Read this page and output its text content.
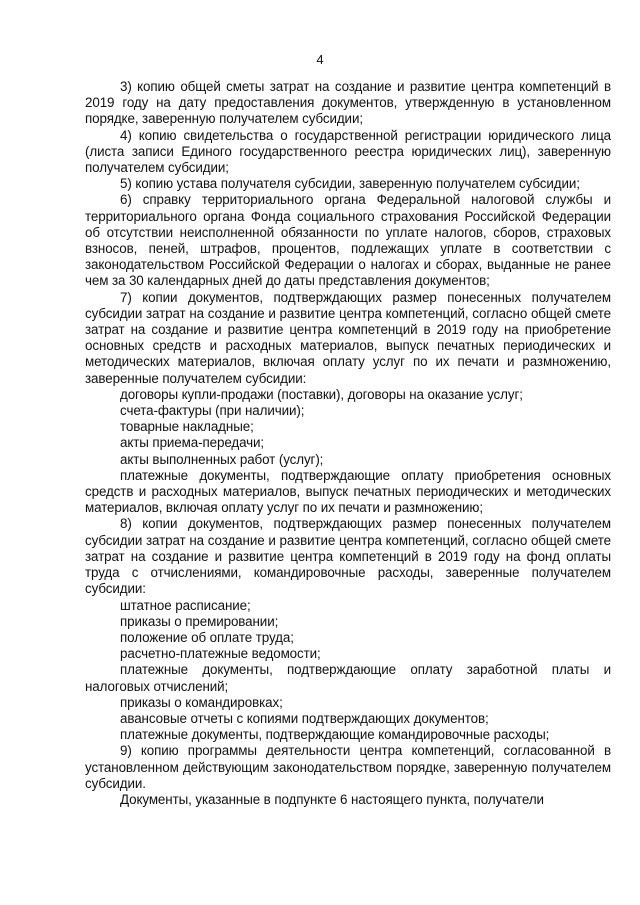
4

3) копию общей сметы затрат на создание и развитие центра компетенций в 2019 году на дату предоставления документов, утвержденную в установленном порядке, заверенную получателем субсидии;

4) копию свидетельства о государственной регистрации юридического лица (листа записи Единого государственного реестра юридических лиц), заверенную получателем субсидии;

5) копию устава получателя субсидии, заверенную получателем субсидии;

6) справку территориального органа Федеральной налоговой службы и территориального органа Фонда социального страхования Российской Федерации об отсутствии неисполненной обязанности по уплате налогов, сборов, страховых взносов, пеней, штрафов, процентов, подлежащих уплате в соответствии с законодательством Российской Федерации о налогах и сборах, выданные не ранее чем за 30 календарных дней до даты представления документов;

7) копии документов, подтверждающих размер понесенных получателем субсидии затрат на создание и развитие центра компетенций, согласно общей смете затрат на создание и развитие центра компетенций в 2019 году на приобретение основных средств и расходных материалов, выпуск печатных периодических и методических материалов, включая оплату услуг по их печати и размножению, заверенные получателем субсидии:

договоры купли-продажи (поставки), договоры на оказание услуг;

счета-фактуры (при наличии);

товарные накладные;

акты приема-передачи;

акты выполненных работ (услуг);

платежные документы, подтверждающие оплату приобретения основных средств и расходных материалов, выпуск печатных периодических и методических материалов, включая оплату услуг по их печати и размножению;

8) копии документов, подтверждающих размер понесенных получателем субсидии затрат на создание и развитие центра компетенций, согласно общей смете затрат на создание и развитие центра компетенций в 2019 году на фонд оплаты труда с отчислениями, командировочные расходы, заверенные получателем субсидии:

штатное расписание;

приказы о премировании;

положение об оплате труда;

расчетно-платежные ведомости;

платежные документы, подтверждающие оплату заработной платы и налоговых отчислений;

приказы о командировках;

авансовые отчеты с копиями подтверждающих документов;

платежные документы, подтверждающие командировочные расходы;

9) копию программы деятельности центра компетенций, согласованной в установленном действующим законодательством порядке, заверенную получателем субсидии.

Документы, указанные в подпункте 6 настоящего пункта, получатели
